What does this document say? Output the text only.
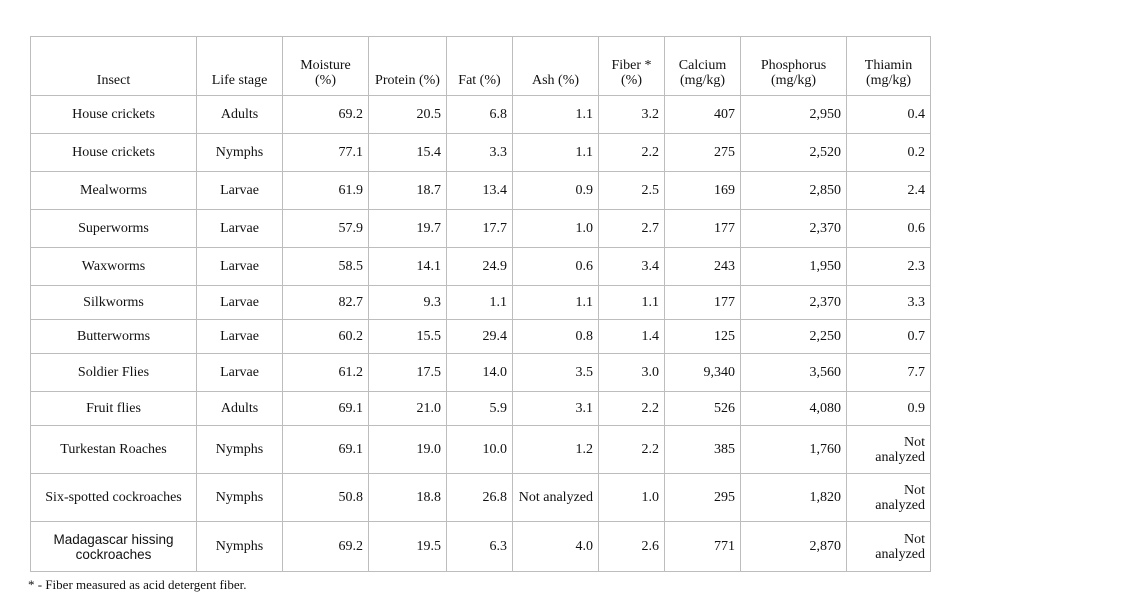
Insect	Life stage	Moisture (%)	Protein (%)	Fat (%)	Ash (%)	Fiber * (%)	Calcium (mg/kg)	Phosphorus (mg/kg)	Thiamin (mg/kg)
House crickets	Adults	69.2	20.5	6.8	1.1	3.2	407	2,950	0.4
House crickets	Nymphs	77.1	15.4	3.3	1.1	2.2	275	2,520	0.2
Mealworms	Larvae	61.9	18.7	13.4	0.9	2.5	169	2,850	2.4
Superworms	Larvae	57.9	19.7	17.7	1.0	2.7	177	2,370	0.6
Waxworms	Larvae	58.5	14.1	24.9	0.6	3.4	243	1,950	2.3
Silkworms	Larvae	82.7	9.3	1.1	1.1	1.1	177	2,370	3.3
Butterworms	Larvae	60.2	15.5	29.4	0.8	1.4	125	2,250	0.7
Soldier Flies	Larvae	61.2	17.5	14.0	3.5	3.0	9,340	3,560	7.7
Fruit flies	Adults	69.1	21.0	5.9	3.1	2.2	526	4,080	0.9
Turkestan Roaches	Nymphs	69.1	19.0	10.0	1.2	2.2	385	1,760	Not analyzed
Six-spotted cockroaches	Nymphs	50.8	18.8	26.8	Not analyzed	1.0	295	1,820	Not analyzed
Madagascar hissing cockroaches	Nymphs	69.2	19.5	6.3	4.0	2.6	771	2,870	Not analyzed
* - Fiber measured as acid detergent fiber.
